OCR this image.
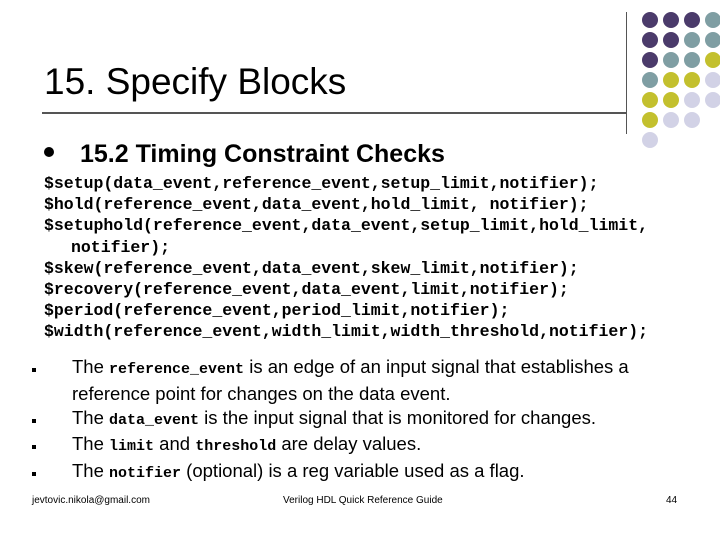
15. Specify Blocks
15.2 Timing Constraint Checks
$setup(data_event,reference_event,setup_limit,notifier);
$hold(reference_event,data_event,hold_limit, notifier);
$setuphold(reference_event,data_event,setup_limit,hold_limit,
notifier);
$skew(reference_event,data_event,skew_limit,notifier);
$recovery(reference_event,data_event,limit,notifier);
$period(reference_event,period_limit,notifier);
$width(reference_event,width_limit,width_threshold,notifier);
The reference_event is an edge of an input signal that establishes a reference point for changes on the data event.
The data_event is the input signal that is monitored for changes.
The limit and threshold are delay values.
The notifier (optional) is a reg variable used as a flag.
jevtovic.nikola@gmail.com	Verilog HDL Quick Reference Guide	44
